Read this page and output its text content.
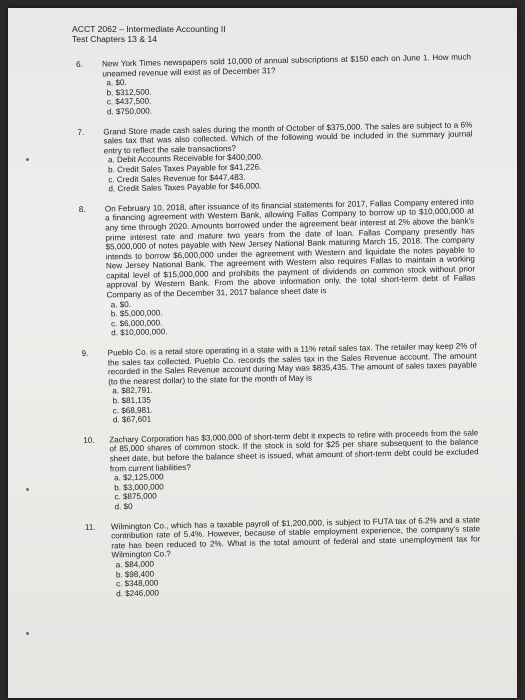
ACCT 2062 – Intermediate Accounting II
Test Chapters 13 & 14
6. New York Times newspapers sold 10,000 of annual subscriptions at $150 each on June 1. How much unearned revenue will exist as of December 31?
a. $0.
b. $312,500.
c. $437,500.
d. $750,000.
7. Grand Store made cash sales during the month of October of $375,000. The sales are subject to a 6% sales tax that was also collected. Which of the following would be included in the summary journal entry to reflect the sale transactions?
a. Debit Accounts Receivable for $400,000.
b. Credit Sales Taxes Payable for $41,226.
c. Credit Sales Revenue for $447,483.
d. Credit Sales Taxes Payable for $46,000.
8. On February 10, 2018, after issuance of its financial statements for 2017, Fallas Company entered into a financing agreement with Western Bank, allowing Fallas Company to borrow up to $10,000,000 at any time through 2020. Amounts borrowed under the agreement bear interest at 2% above the bank's prime interest rate and mature two years from the date of loan. Fallas Company presently has $5,000,000 of notes payable with New Jersey National Bank maturing March 15, 2018. The company intends to borrow $6,000,000 under the agreement with Western and liquidate the notes payable to New Jersey National Bank. The agreement with Western also requires Fallas to maintain a working capital level of $15,000,000 and prohibits the payment of dividends on common stock without prior approval by Western Bank. From the above information only, the total short-term debt of Fallas Company as of the December 31, 2017 balance sheet date is
a. $0.
b. $5,000,000.
c. $6,000,000.
d. $10,000,000.
9. Pueblo Co. is a retail store operating in a state with a 11% retail sales tax. The retailer may keep 2% of the sales tax collected. Pueblo Co. records the sales tax in the Sales Revenue account. The amount recorded in the Sales Revenue account during May was $835,435. The amount of sales taxes payable (to the nearest dollar) to the state for the month of May is
a. $82,791.
b. $81,135
c. $68,981.
d. $67,601
10. Zachary Corporation has $3,000,000 of short-term debt it expects to retire with proceeds from the sale of 85,000 shares of common stock. If the stock is sold for $25 per share subsequent to the balance sheet date, but before the balance sheet is issued, what amount of short-term debt could be excluded from current liabilities?
a. $2,125,000
b. $3,000,000
c. $875,000
d. $0
11. Wilmington Co., which has a taxable payroll of $1,200,000, is subject to FUTA tax of 6.2% and a state contribution rate of 5.4%. However, because of stable employment experience, the company's state rate has been reduced to 2%. What is the total amount of federal and state unemployment tax for Wilmington Co.?
a. $84,000
b. $98,400
c. $348,000
d. $246,000
